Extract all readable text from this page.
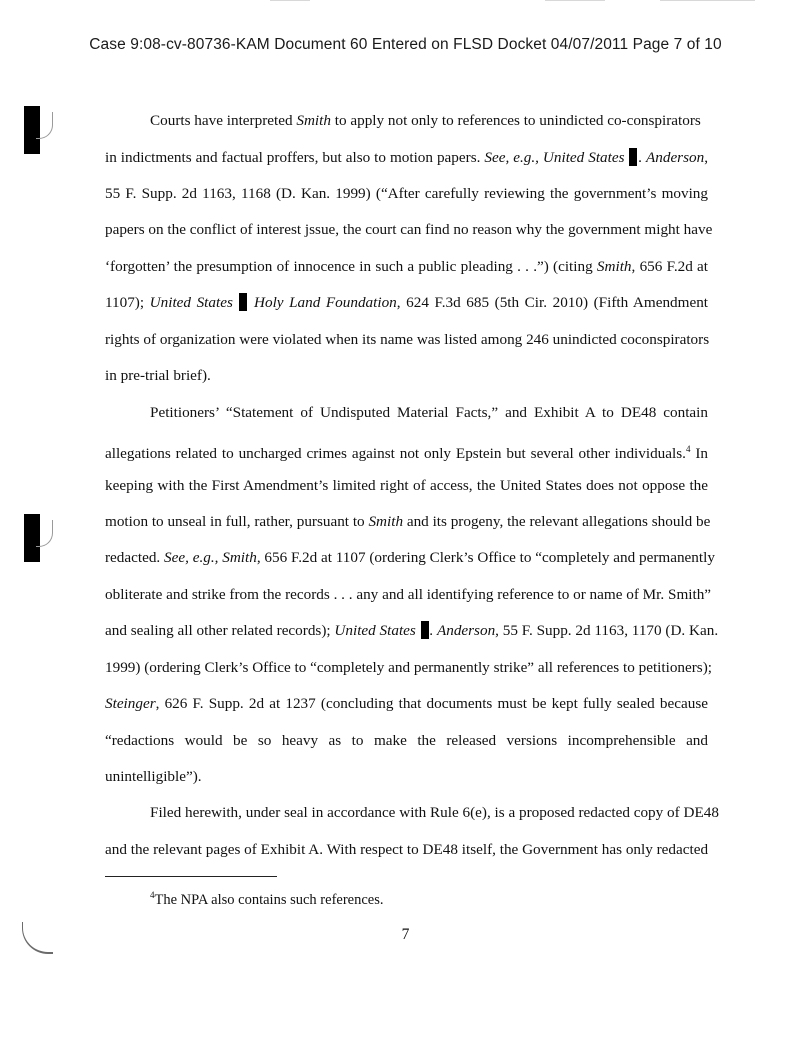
Case 9:08-cv-80736-KAM Document 60 Entered on FLSD Docket 04/07/2011 Page 7 of 10
Courts have interpreted Smith to apply not only to references to unindicted co-conspirators
in indictments and factual proffers, but also to motion papers. See, e.g., United States . Anderson,
55 F. Supp. 2d 1163, 1168 (D. Kan. 1999) (“After carefully reviewing the government’s moving
papers on the conflict of interest jssue, the court can find no reason why the government might have
‘forgotten’ the presumption of innocence in such a public pleading . . .”) (citing Smith, 656 F.2d at
1107); United States  Holy Land Foundation, 624 F.3d 685 (5th Cir. 2010) (Fifth Amendment
rights of organization were violated when its name was listed among 246 unindicted coconspirators
in pre-trial brief).
Petitioners’ “Statement of Undisputed Material Facts,” and Exhibit A to DE48 contain
allegations related to uncharged crimes against not only Epstein but several other individuals.$^4$ In
keeping with the First Amendment’s limited right of access, the United States does not oppose the
motion to unseal in full, rather, pursuant to Smith and its progeny, the relevant allegations should be
redacted. See, e.g., Smith, 656 F.2d at 1107 (ordering Clerk’s Office to “completely and permanently
obliterate and strike from the records . . . any and all identifying reference to or name of Mr. Smith”
and sealing all other related records); United States . Anderson, 55 F. Supp. 2d 1163, 1170 (D. Kan.
1999) (ordering Clerk’s Office to “completely and permanently strike” all references to petitioners);
Steinger, 626 F. Supp. 2d at 1237 (concluding that documents must be kept fully sealed because
“redactions would be so heavy as to make the released versions incomprehensible and
unintelligible”).
Filed herewith, under seal in accordance with Rule 6(e), is a proposed redacted copy of DE48
and the relevant pages of Exhibit A. With respect to DE48 itself, the Government has only redacted
$^4$The NPA also contains such references.
7
